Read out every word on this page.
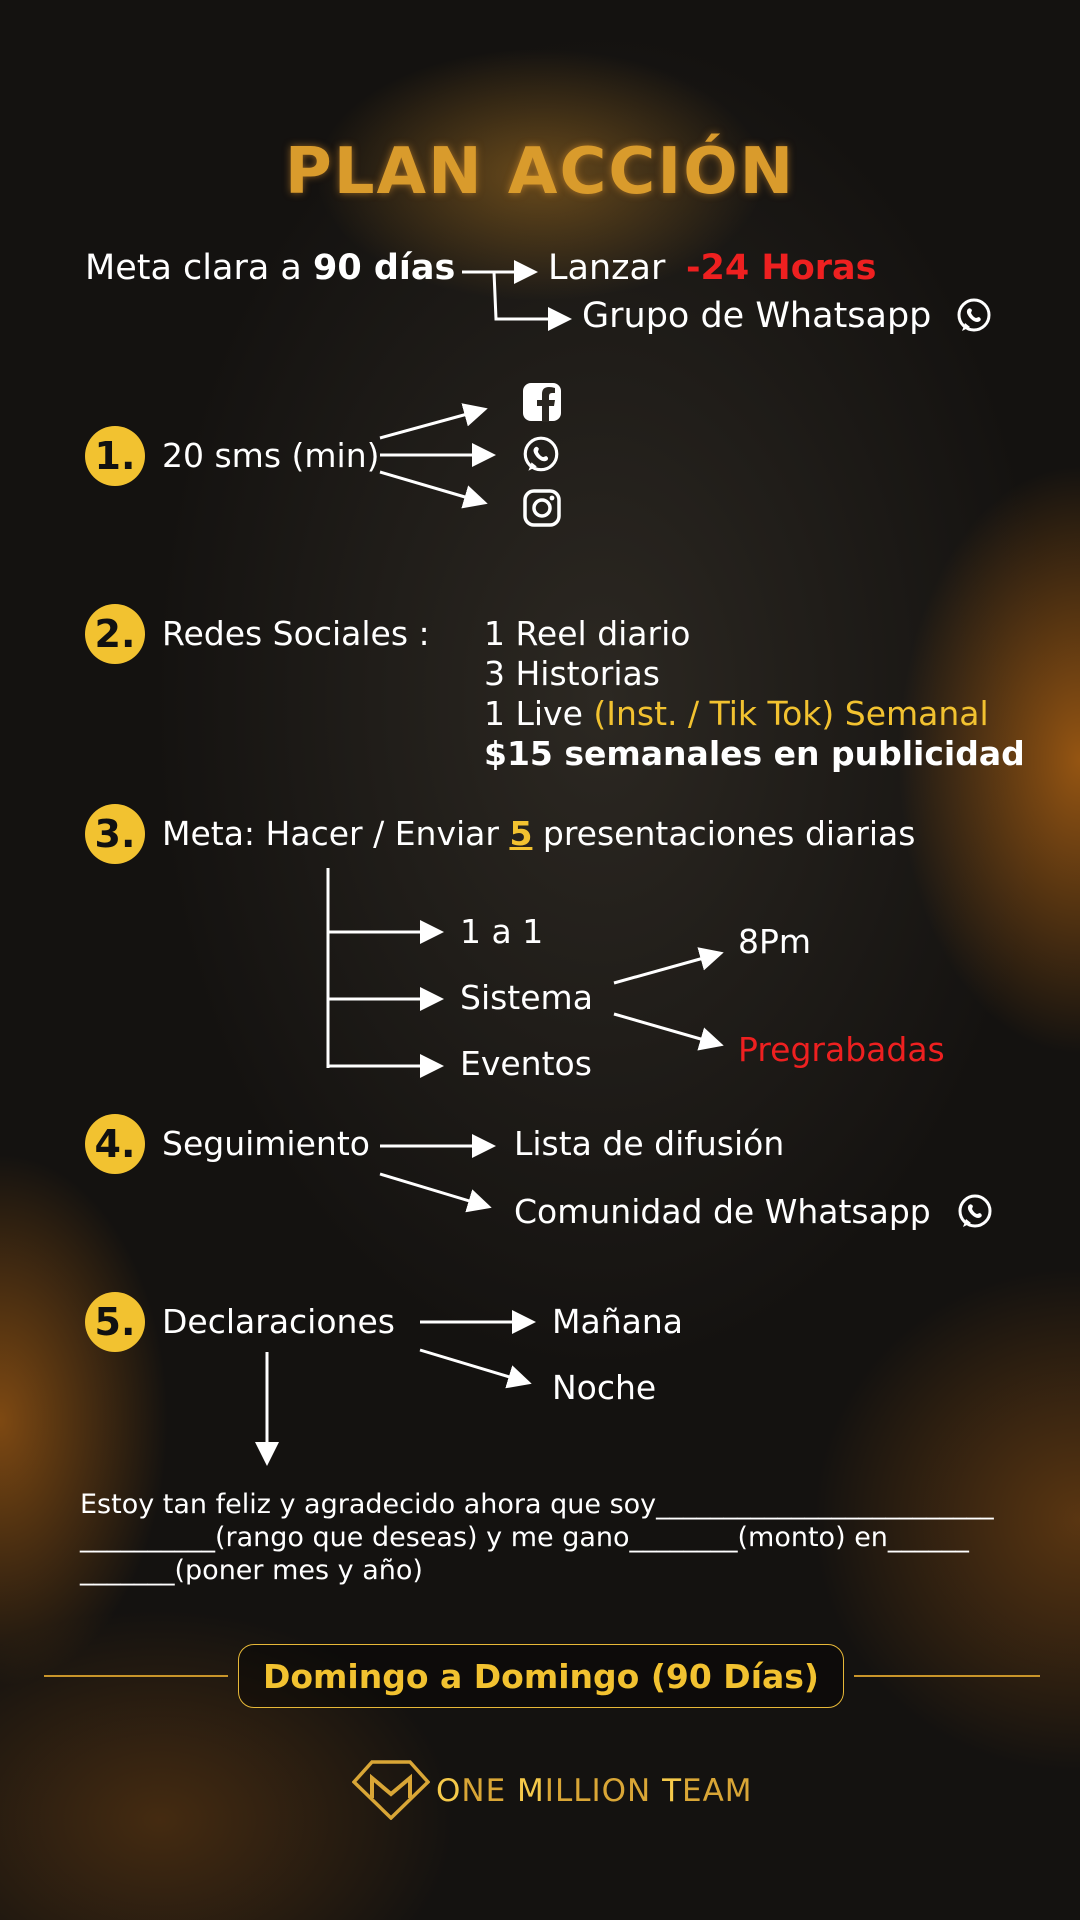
PLAN ACCIÓN
Meta clara a 90 días	Lanzar -24 Horas
Grupo de Whatsapp
1. 20 sms (min)
2. Redes Sociales : 1 Reel diario
3 Historias
1 Live (Inst. / Tik Tok) Semanal
$15 semanales en publicidad
3. Meta: Hacer / Enviar 5 presentaciones diarias
1 a 1
Sistema
Eventos
8Pm
Pregrabadas
4. Seguimiento	Lista de difusión
Comunidad de Whatsapp
5. Declaraciones	Mañana
Noche
Estoy tan feliz y agradecido ahora que soy_________________________
__________(rango que deseas) y me gano________(monto) en______
_______(poner mes y año)
Domingo a Domingo (90 Días)
ONE MILLION TEAM
